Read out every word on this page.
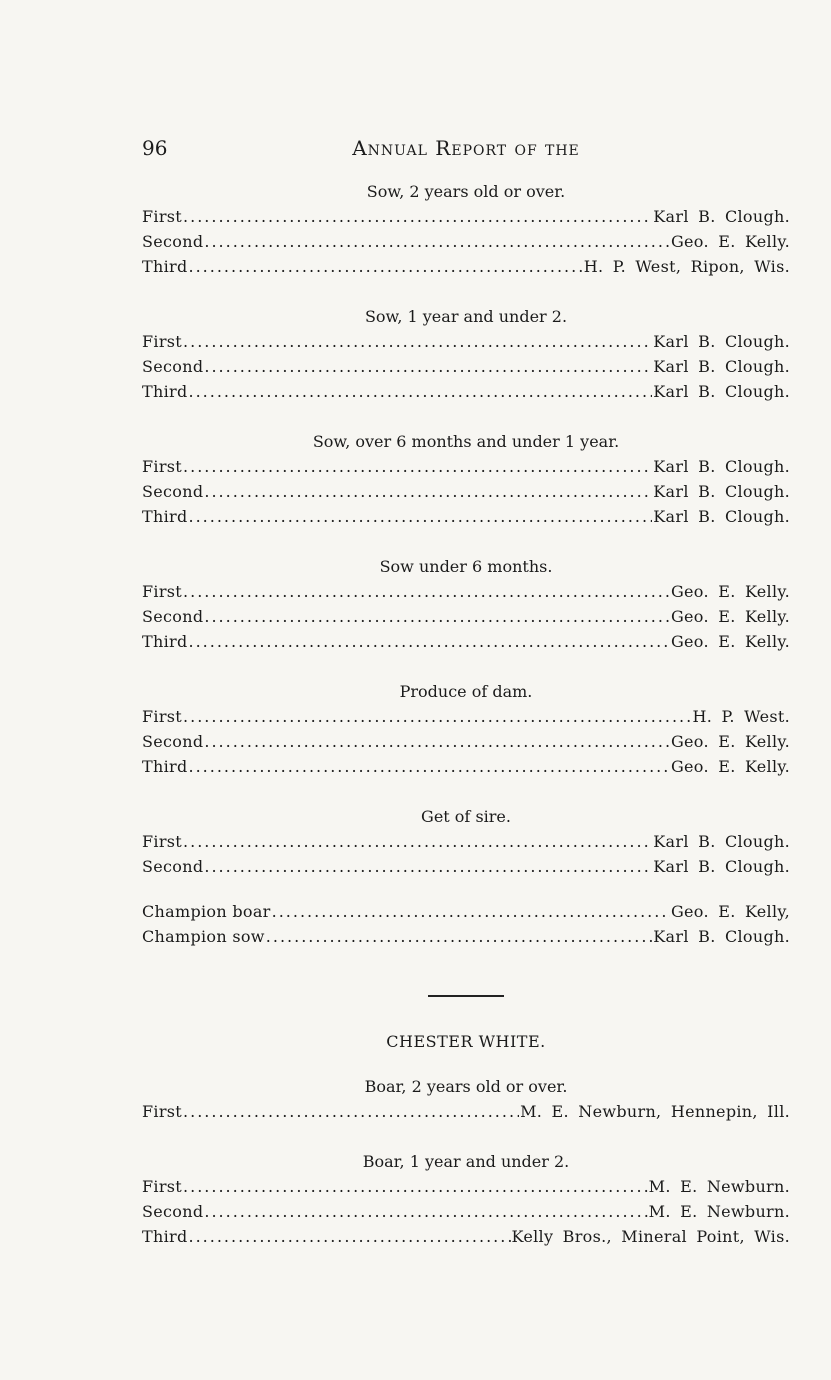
96	Annual Report of the
Sow, 2 years old or over.
First .....	Karl B. Clough.
Second .....	Geo. E. Kelly.
Third .....	H. P. West, Ripon, Wis.
Sow, 1 year and under 2.
First .....	Karl B. Clough.
Second .....	Karl B. Clough.
Third .....	Karl B. Clough.
Sow, over 6 months and under 1 year.
First .....	Karl B. Clough.
Second .....	Karl B. Clough.
Third .....	Karl B. Clough.
Sow under 6 months.
First .....	Geo. E. Kelly.
Second .....	Geo. E. Kelly.
Third .....	Geo. E. Kelly.
Produce of dam.
First .....	H. P. West.
Second .....	Geo. E. Kelly.
Third .....	Geo. E. Kelly.
Get of sire.
First .....	Karl B. Clough.
Second .....	Karl B. Clough.
Champion boar .....	Geo. E. Kelly,
Champion sow .....	Karl B. Clough.
CHESTER WHITE.
Boar, 2 years old or over.
First .....	M. E. Newburn, Hennepin, Ill.
Boar, 1 year and under 2.
First .....	M. E. Newburn.
Second .....	M. E. Newburn.
Third .....	Kelly Bros., Mineral Point, Wis.
